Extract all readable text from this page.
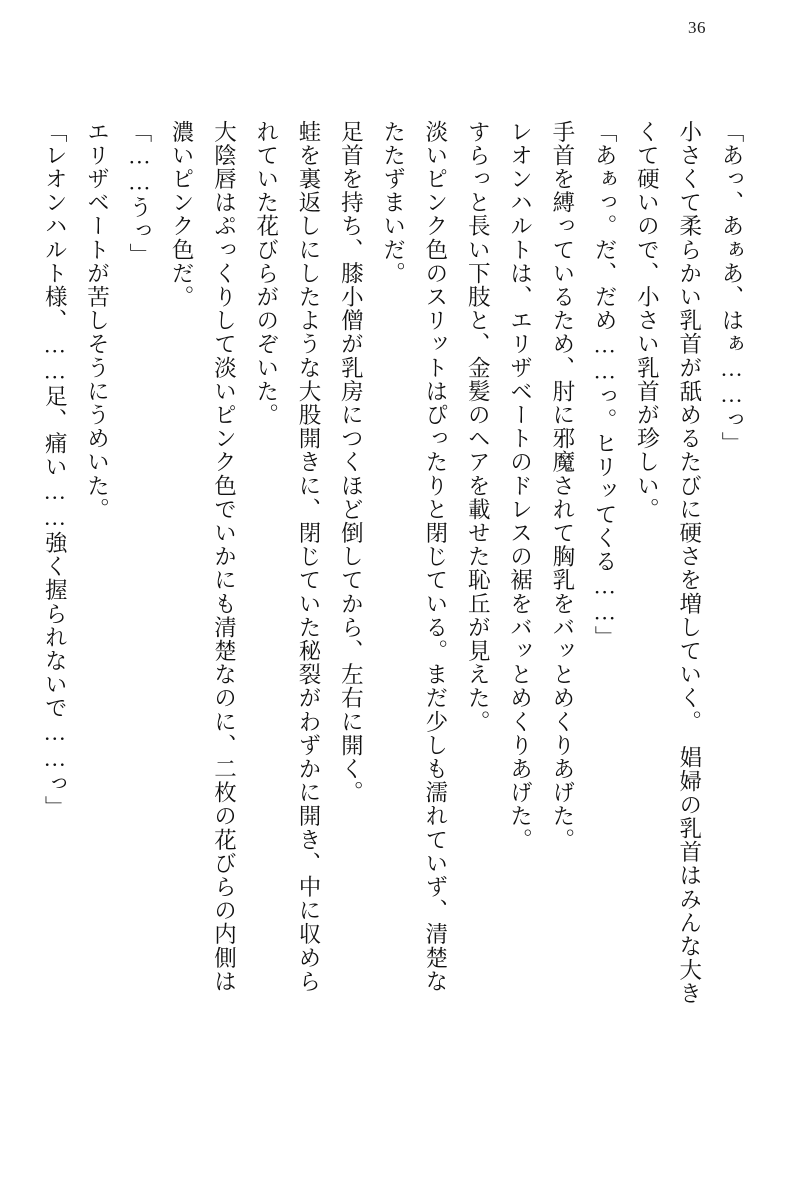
36

「あっ、あぁあ、はぁ……っ」

小さくて柔らかい乳首が舐めるたびに硬さを増していく。　娼婦の乳首はみんな大き

くて硬いので、小さい乳首が珍しい。

「あぁっ。だ、だめ……っ。ヒリッてくる……」

手首を縛っているため、肘に邪魔されて胸乳をバッとめくりあげた。

レオンハルトは、エリザベートのドレスの裾をバッとめくりあげた。

すらっと長い下肢と、金髪のヘアを載せた恥丘が見えた。

淡いピンク色のスリットはぴったりと閉じている。まだ少しも濡れていず、清楚な

たたずまいだ。

足首を持ち、膝小僧が乳房につくほど倒してから、左右に開く。

蛙を裏返しにしたような大股開きに、閉じていた秘裂がわずかに開き、中に収めら

れていた花びらがのぞいた。

大陰唇はぷっくりして淡いピンク色でいかにも清楚なのに、二枚の花びらの内側は

濃いピンク色だ。

「……うっ」

エリザベートが苦しそうにうめいた。

「レオンハルト様、……足、痛い……強く握られないで……っ」
